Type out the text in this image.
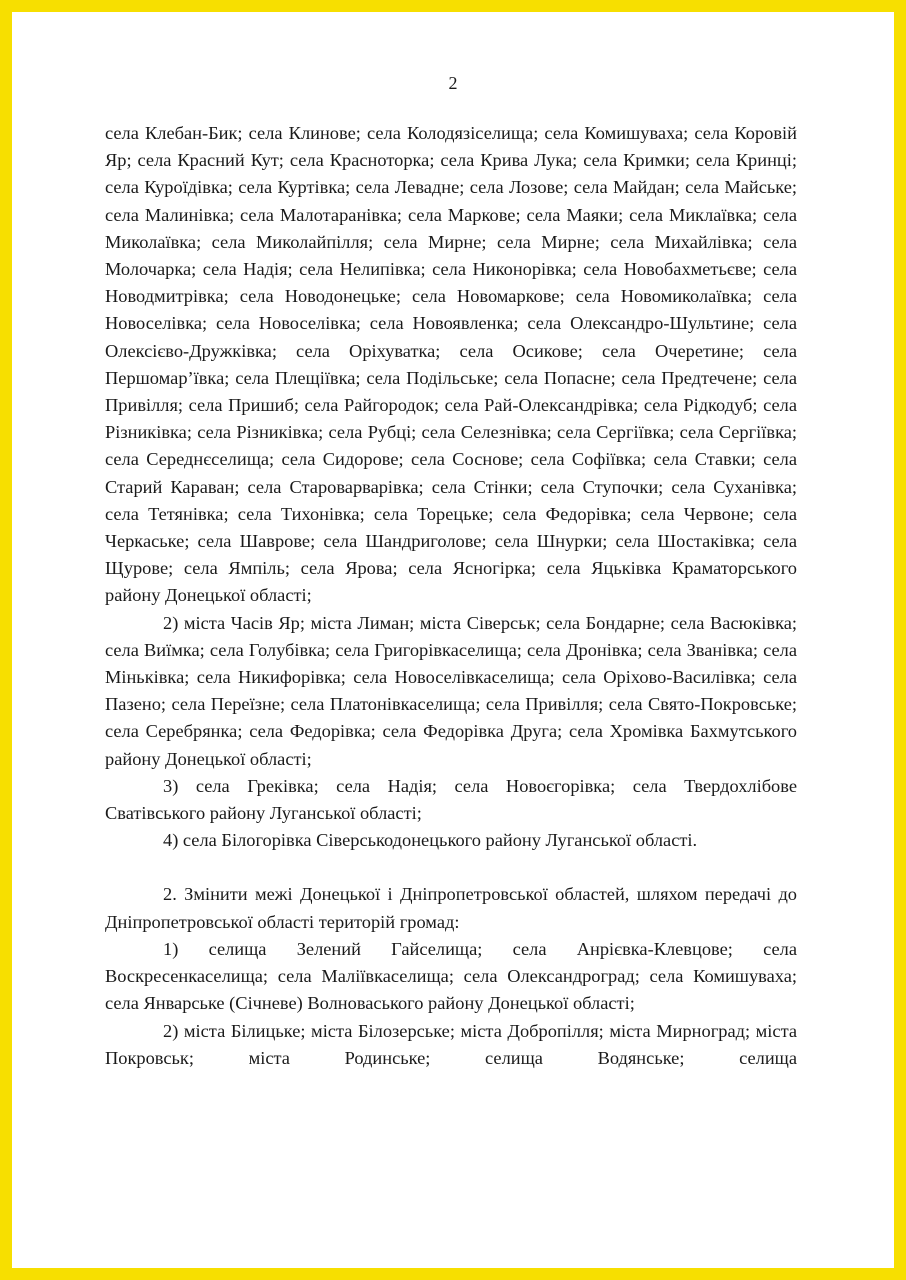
2

села Клебан-Бик; села Клинове; села Колодязіселища; села Комишуваха; села Коровій Яр; села Красний Кут; села Красноторка; села Крива Лука; села Кримки; села Кринці; села Куроїдівка; села Куртівка; села Левадне; села Лозове; села Майдан; села Майське; села Малинівка; села Малотаранівка; села Маркове; села Маяки; села Миклаївка; села Миколаївка; села Миколайпілля; села Мирне; села Мирне; села Михайлівка; села Молочарка; села Надія; села Нелипівка; села Никонорівка; села Новобахметьєве; села Новодмитрівка; села Новодонецьке; села Новомаркове; села Новомиколаївка; села Новоселівка; села Новоселівка; села Новоявленка; села Олександро-Шультине; села Олексієво-Дружківка; села Оріхуватка; села Осикове; села Очеретине; села Першомар’ївка; села Плещіївка; села Подільське; села Попасне; села Предтечене; села Привілля; села Пришиб; села Райгородок; села Рай-Олександрівка; села Рідкодуб; села Різниківка; села Різниківка; села Рубці; села Селезнівка; села Сергіївка; села Сергіївка; села Середнєселища; села Сидорове; села Соснове; села Софіївка; села Ставки; села Старий Караван; села Староварварівка; села Стінки; села Ступочки; села Суханівка; села Тетянівка; села Тихонівка; села Торецьке; села Федорівка; села Червоне; села Черкаське; села Шаврове; села Шандриголове; села Шнурки; села Шостаківка; села Щурове; села Ямпіль; села Ярова; села Ясногірка; села Яцьківка Краматорського району Донецької області;

2) міста Часів Яр; міста Лиман; міста Сіверськ; села Бондарне; села Васюківка; села Виїмка; села Голубівка; села Григорівкаселища; села Дронівка; села Званівка; села Міньківка; села Никифорівка; села Новоселівкаселища; села Оріхово-Василівка; села Пазено; села Переїзне; села Платонівкаселища; села Привілля; села Свято-Покровське; села Серебрянка; села Федорівка; села Федорівка Друга; села Хромівка Бахмутського району Донецької області;

3) села Греківка; села Надія; села Новоєгорівка; села Твердохлібове Сватівського району Луганської області;

4) села Білогорівка Сіверськодонецького району Луганської області.

2. Змінити межі Донецької і Дніпропетровської областей, шляхом передачі до Дніпропетровської області територій громад:

1) селища Зелений Гайселища; села Анрієвка-Клевцове; села Воскресенкаселища; села Маліївкаселища; села Олександроград; села Комишуваха; села Январське (Січневе) Волноваського району Донецької області;

2) міста Білицьке; міста Білозерське; міста Добропілля; міста Мирноград; міста Покровськ; міста Родинське; селища Водянське; селища
